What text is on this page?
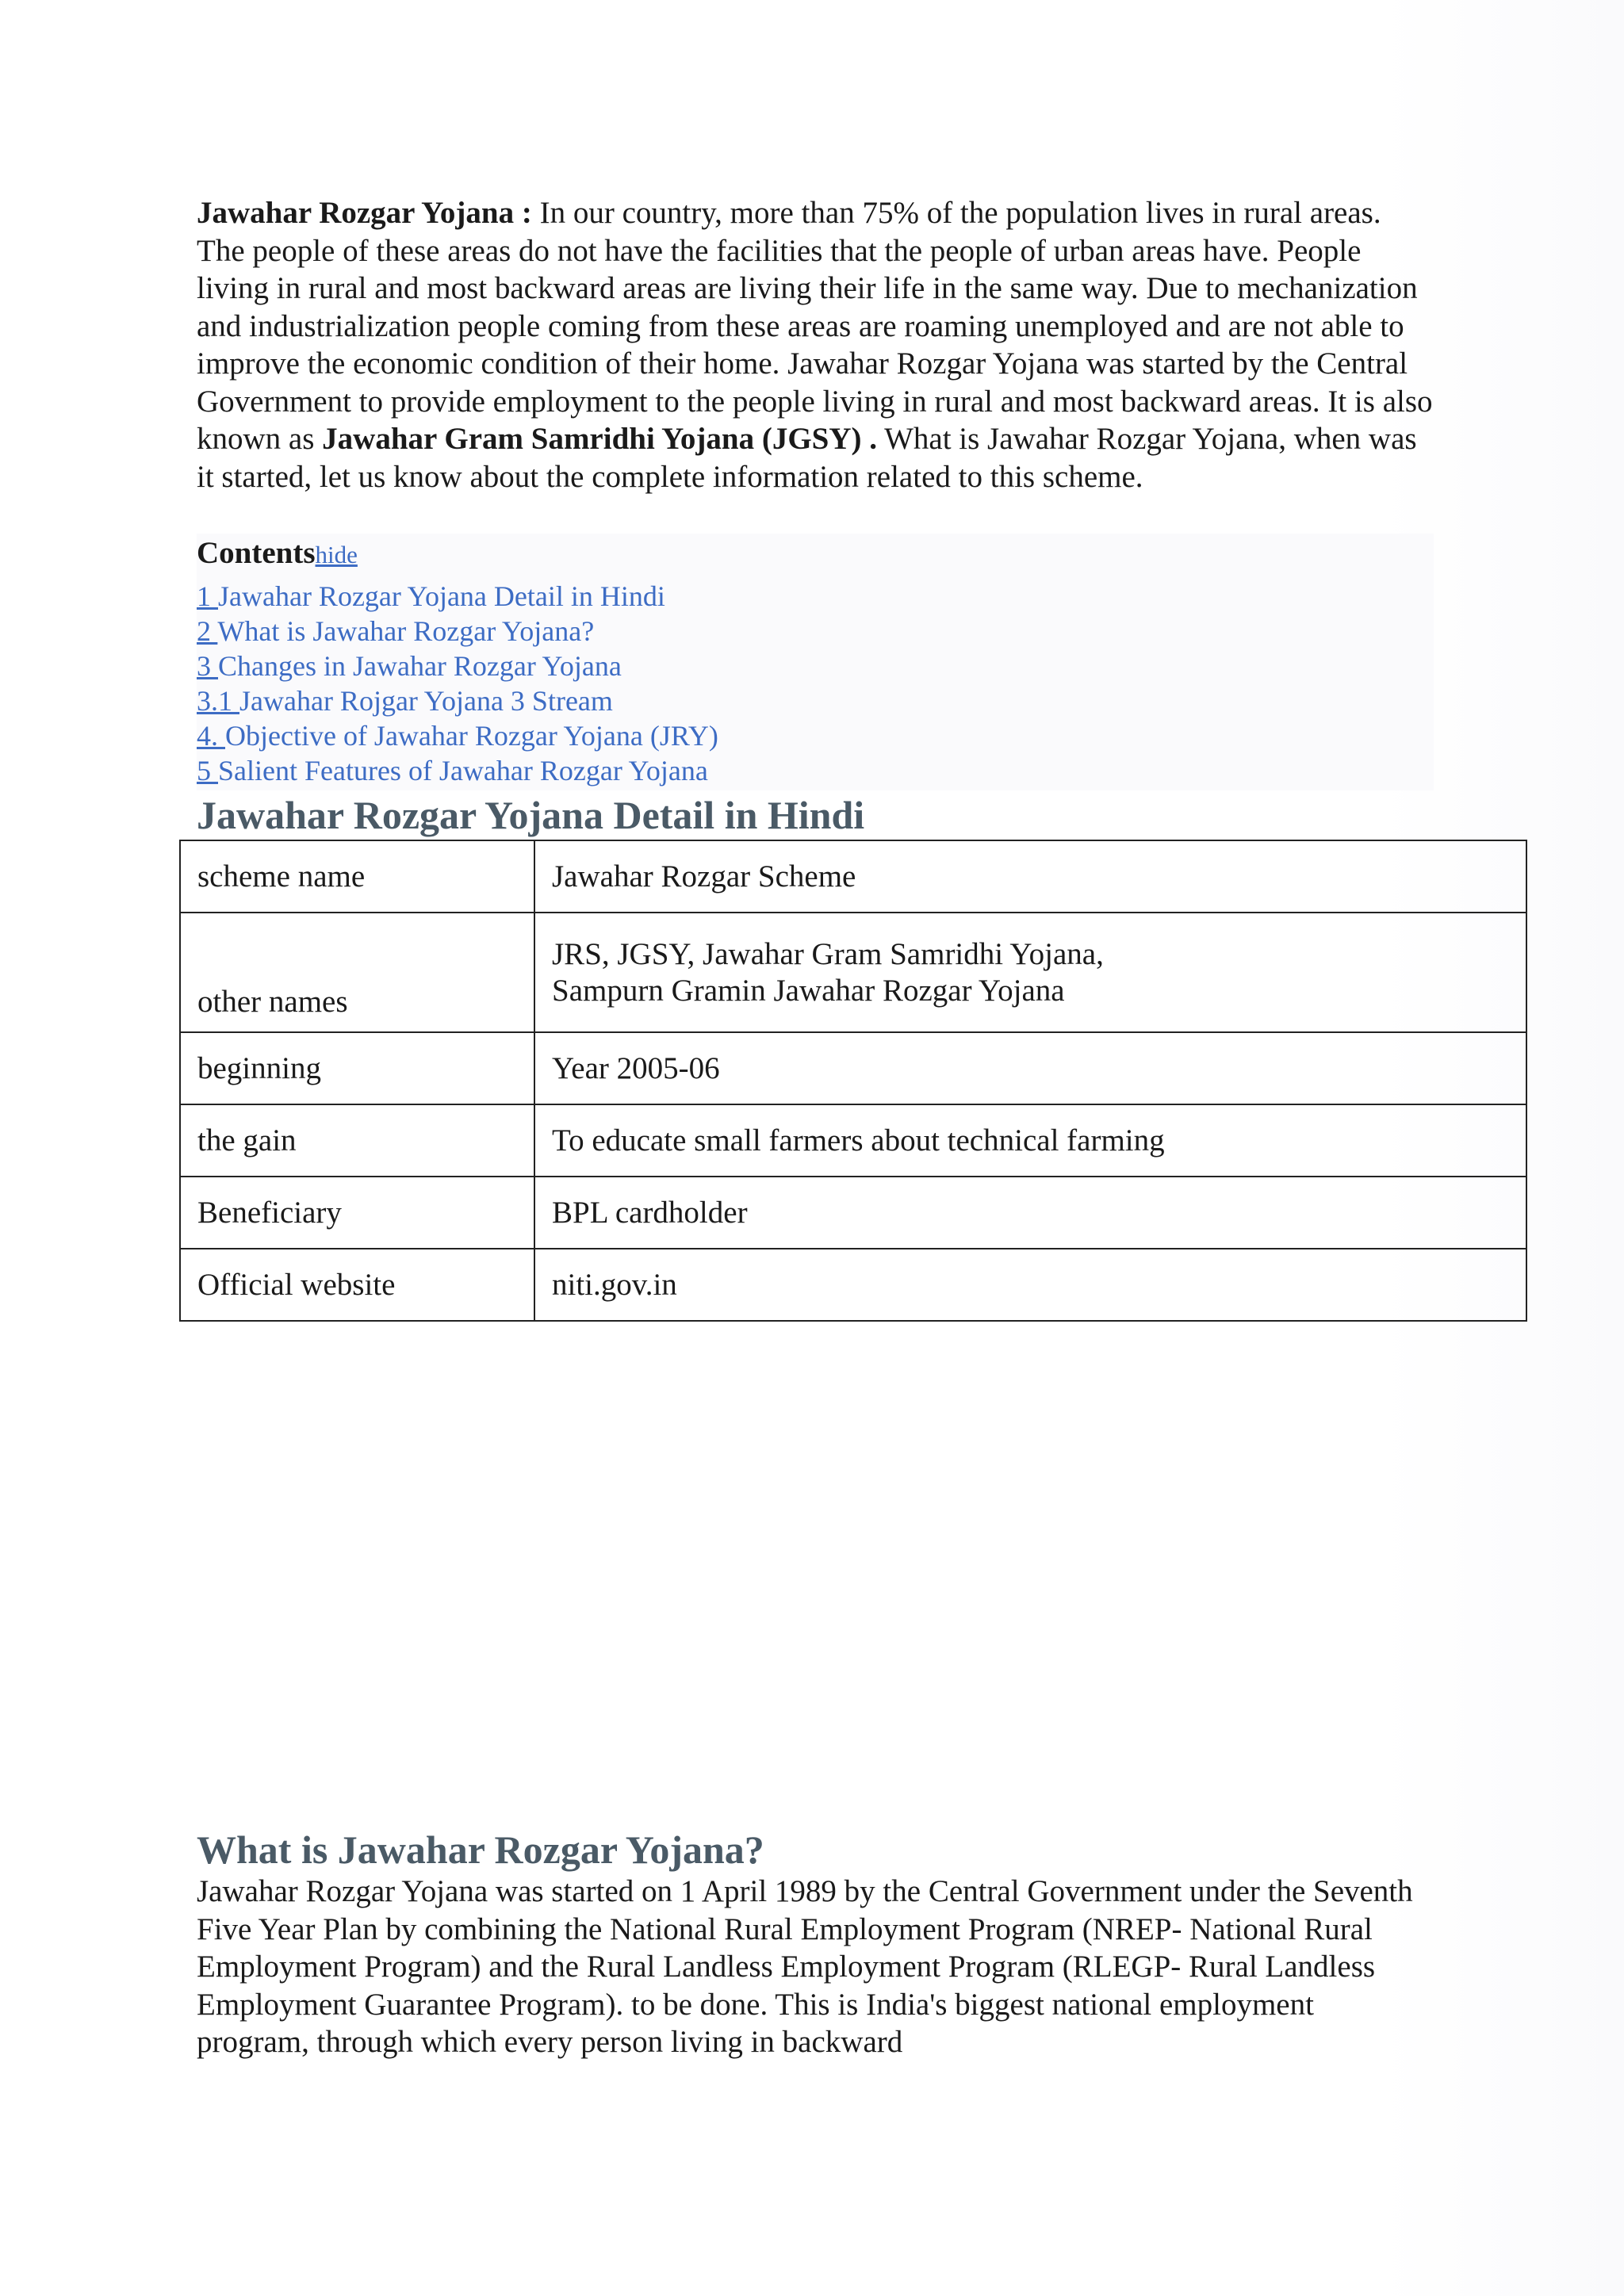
Jawahar Rozgar Yojana : In our country, more than 75% of the population lives in rural areas. The people of these areas do not have the facilities that the people of urban areas have. People living in rural and most backward areas are living their life in the same way. Due to mechanization and industrialization people coming from these areas are roaming unemployed and are not able to improve the economic condition of their home. Jawahar Rozgar Yojana was started by the Central Government to provide employment to the people living in rural and most backward areas. It is also known as Jawahar Gram Samridhi Yojana (JGSY) . What is Jawahar Rozgar Yojana, when was it started, let us know about the complete information related to this scheme.

Contentshide
1 Jawahar Rozgar Yojana Detail in Hindi
2 What is Jawahar Rozgar Yojana?
3 Changes in Jawahar Rozgar Yojana
3.1 Jawahar Rojgar Yojana 3 Stream
4. Objective of Jawahar Rozgar Yojana (JRY)
5 Salient Features of Jawahar Rozgar Yojana
Jawahar Rozgar Yojana Detail in Hindi
scheme name	Jawahar Rozgar Scheme
other names	JRS, JGSY, Jawahar Gram Samridhi Yojana,
Sampurn Gramin Jawahar Rozgar Yojana
beginning	Year 2005-06
the gain	To educate small farmers about technical farming
Beneficiary	BPL cardholder
Official website	niti.gov.in
What is Jawahar Rozgar Yojana?

Jawahar Rozgar Yojana was started on 1 April 1989 by the Central Government under the Seventh Five Year Plan by combining the National Rural Employment Program (NREP- National Rural Employment Program) and the Rural Landless Employment Program (RLEGP- Rural Landless Employment Guarantee Program). to be done. This is India's biggest national employment program, through which every person living in backward
